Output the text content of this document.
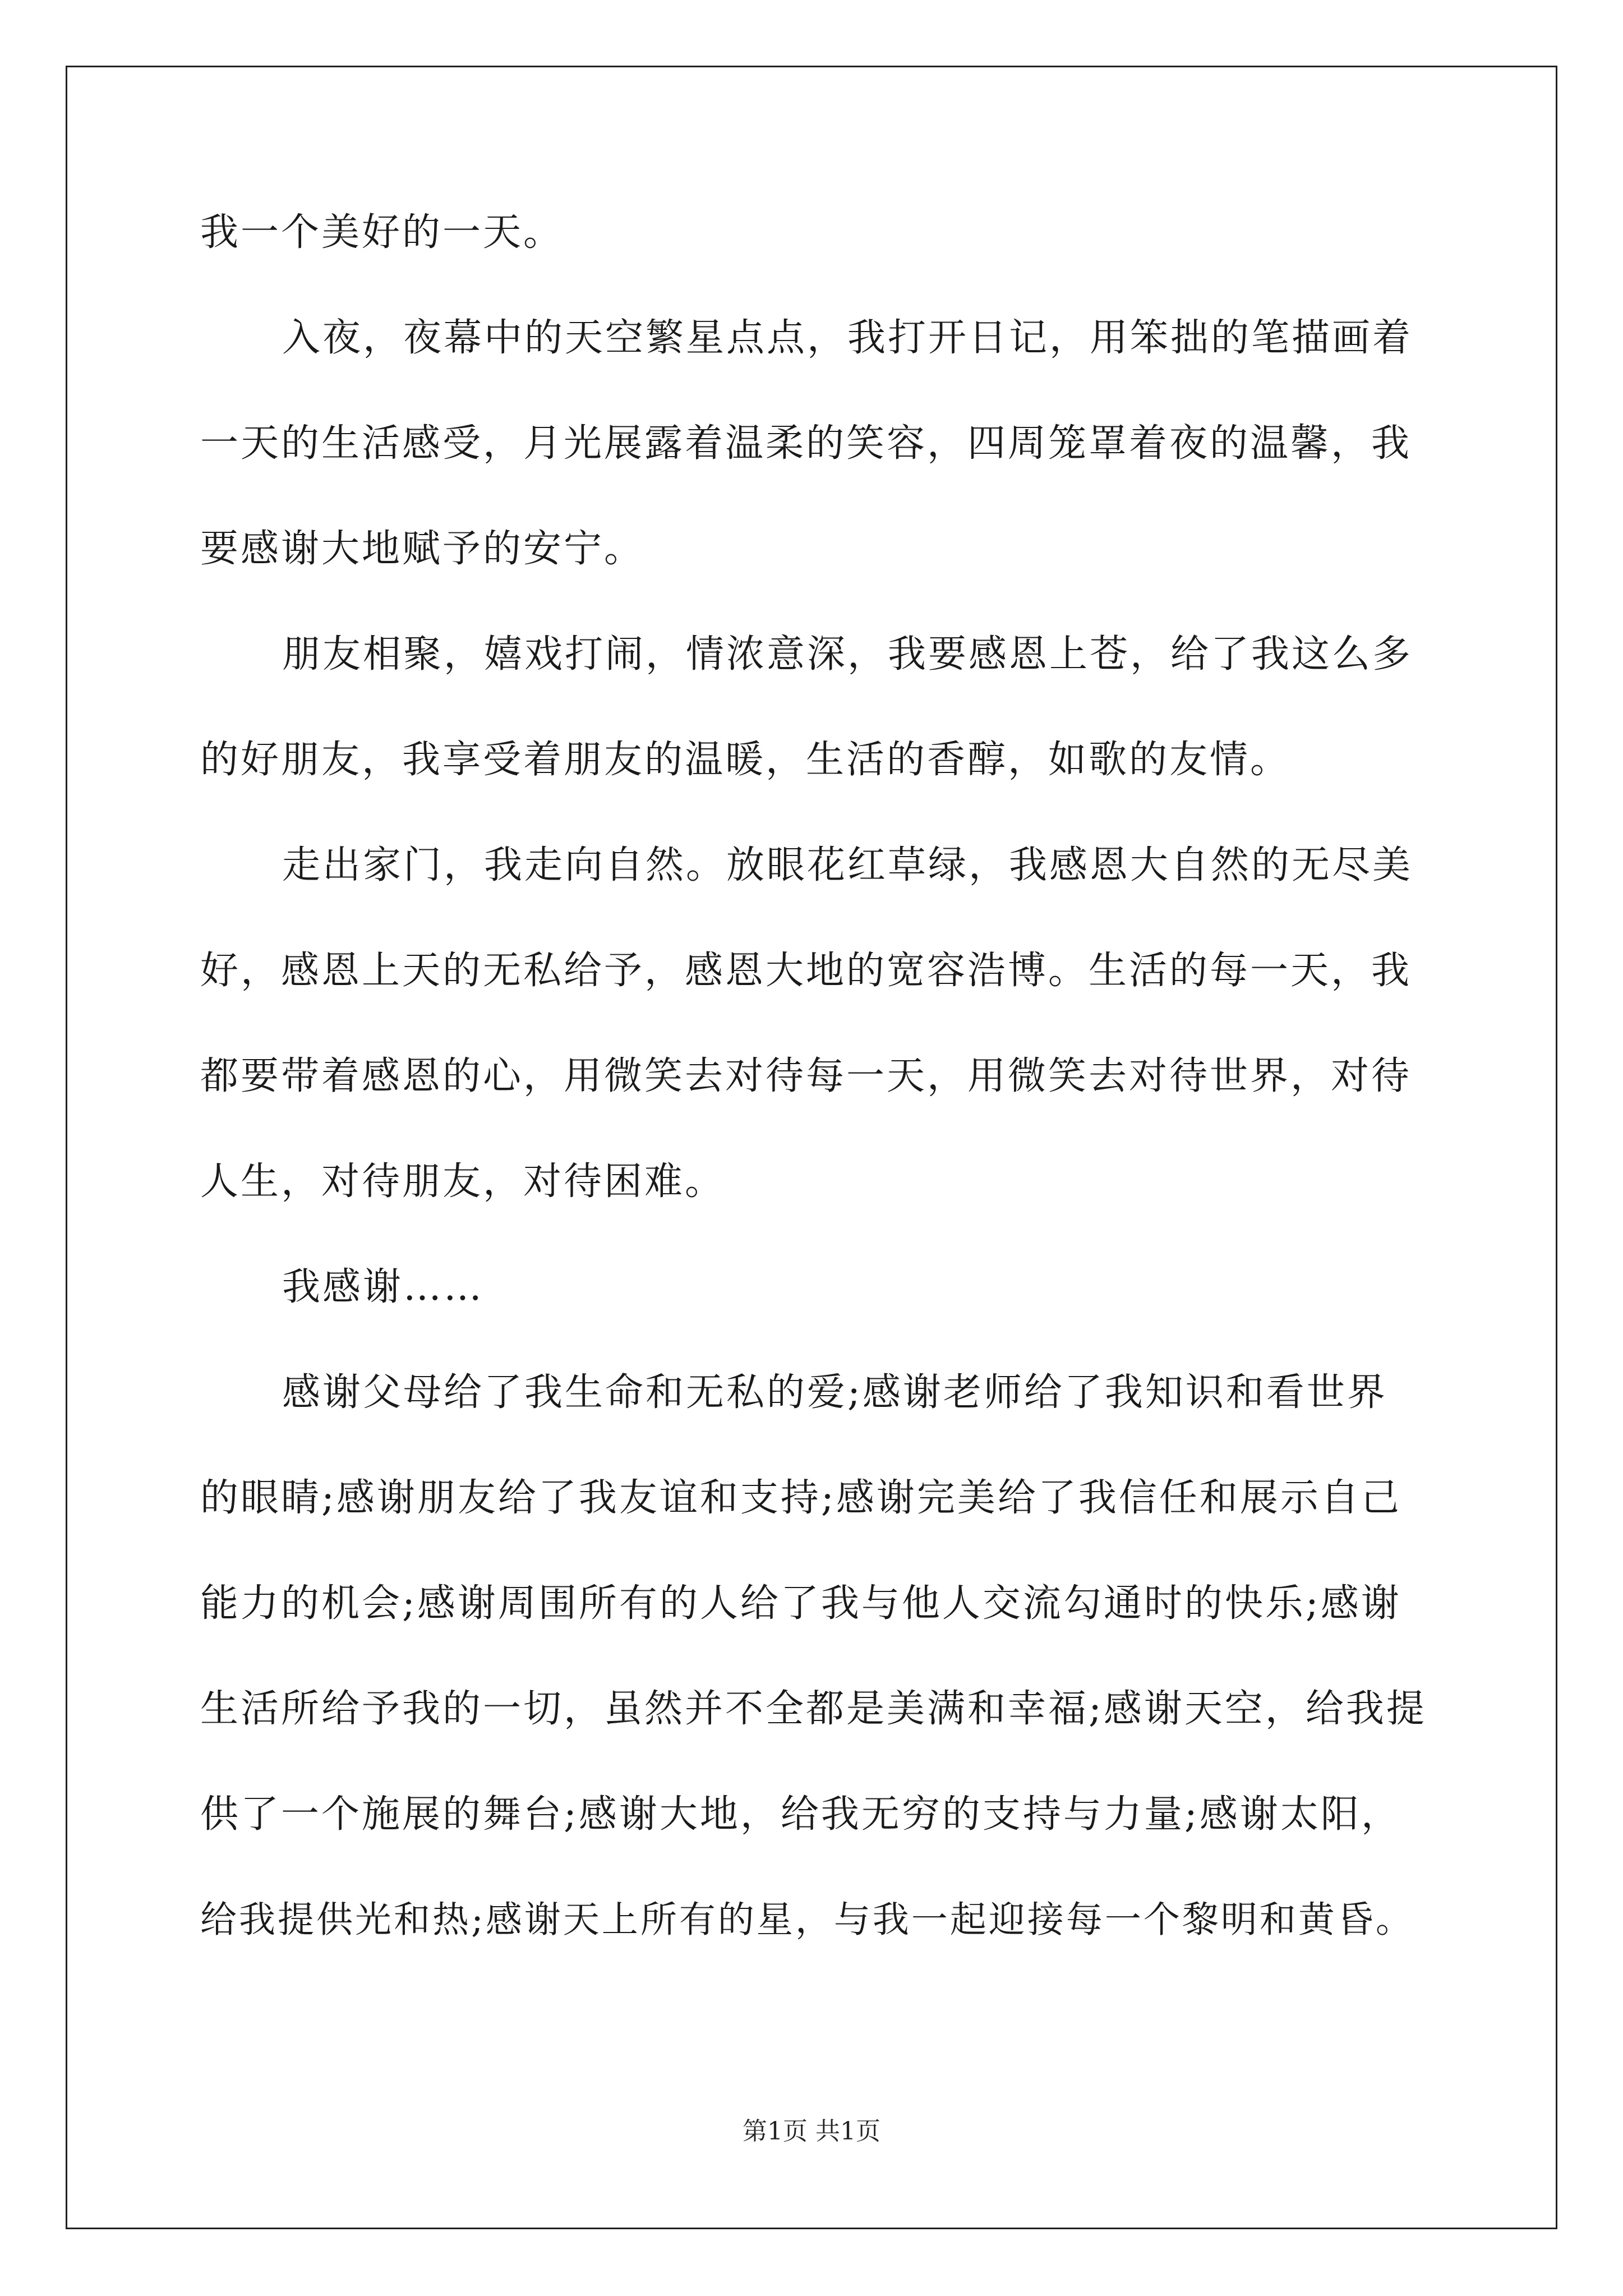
我一个美好的一天。
入夜，夜幕中的天空繁星点点，我打开日记，用笨拙的笔描画着
一天的生活感受，月光展露着温柔的笑容，四周笼罩着夜的温馨，我
要感谢大地赋予的安宁。
朋友相聚，嬉戏打闹，情浓意深，我要感恩上苍，给了我这么多
的好朋友，我享受着朋友的温暖，生活的香醇，如歌的友情。
走出家门，我走向自然。放眼花红草绿，我感恩大自然的无尽美
好，感恩上天的无私给予，感恩大地的宽容浩博。生活的每一天，我
都要带着感恩的心，用微笑去对待每一天，用微笑去对待世界，对待
人生，对待朋友，对待困难。
我感谢……
感谢父母给了我生命和无私的爱;感谢老师给了我知识和看世界
的眼睛;感谢朋友给了我友谊和支持;感谢完美给了我信任和展示自己
能力的机会;感谢周围所有的人给了我与他人交流勾通时的快乐;感谢
生活所给予我的一切，虽然并不全都是美满和幸福;感谢天空，给我提
供了一个施展的舞台;感谢大地，给我无穷的支持与力量;感谢太阳，
给我提供光和热;感谢天上所有的星，与我一起迎接每一个黎明和黄昏。
第1页 共1页
